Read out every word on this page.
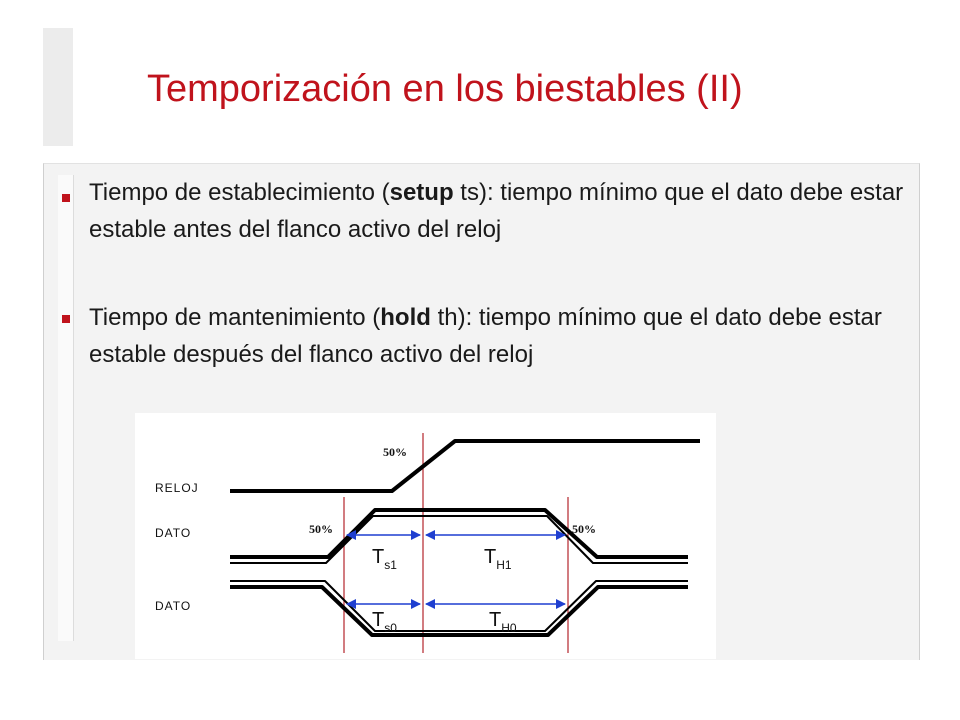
Temporización en los biestables (II)

Tiempo de establecimiento (setup ts): tiempo mínimo que el dato debe estar estable antes del flanco activo del reloj

Tiempo de mantenimiento (hold th): tiempo mínimo que el dato debe estar estable después del flanco activo del reloj

RELOJ
DATO
DATO
50%
50%	50%
$T_{s1}$	$T_{H1}$
$T_{s0}$	$T_{H0}$
